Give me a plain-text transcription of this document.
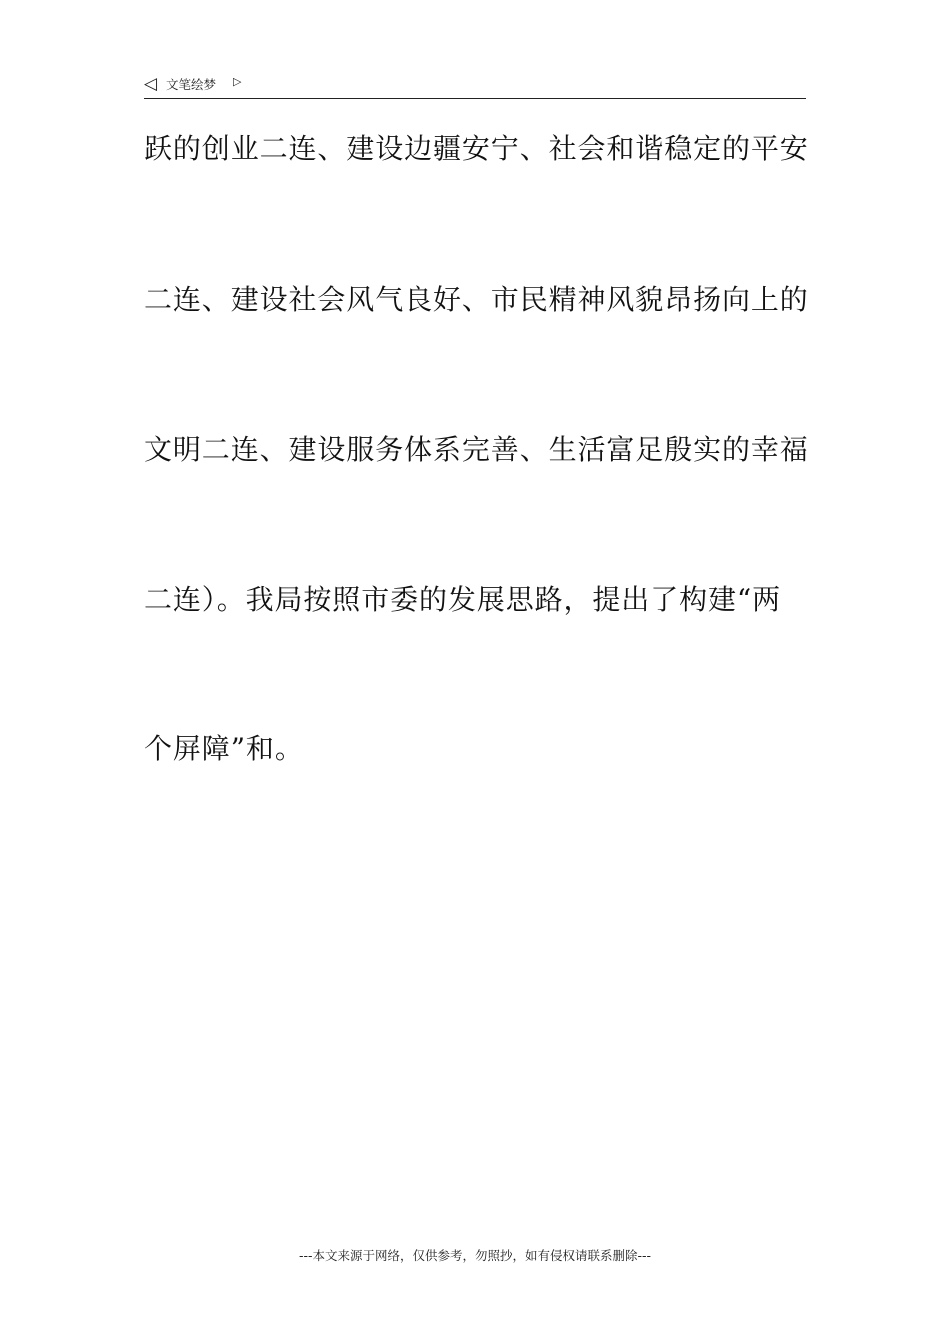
◁ 文笔绘梦 ▷
跃的创业二连、建设边疆安宁、社会和谐稳定的平安
二连、建设社会风气良好、市民精神风貌昂扬向上的
文明二连、建设服务体系完善、生活富足殷实的幸福
二连）。我局按照市委的发展思路，提出了构建“两
个屏障”和。
---本文来源于网络，仅供参考，勿照抄，如有侵权请联系删除---
